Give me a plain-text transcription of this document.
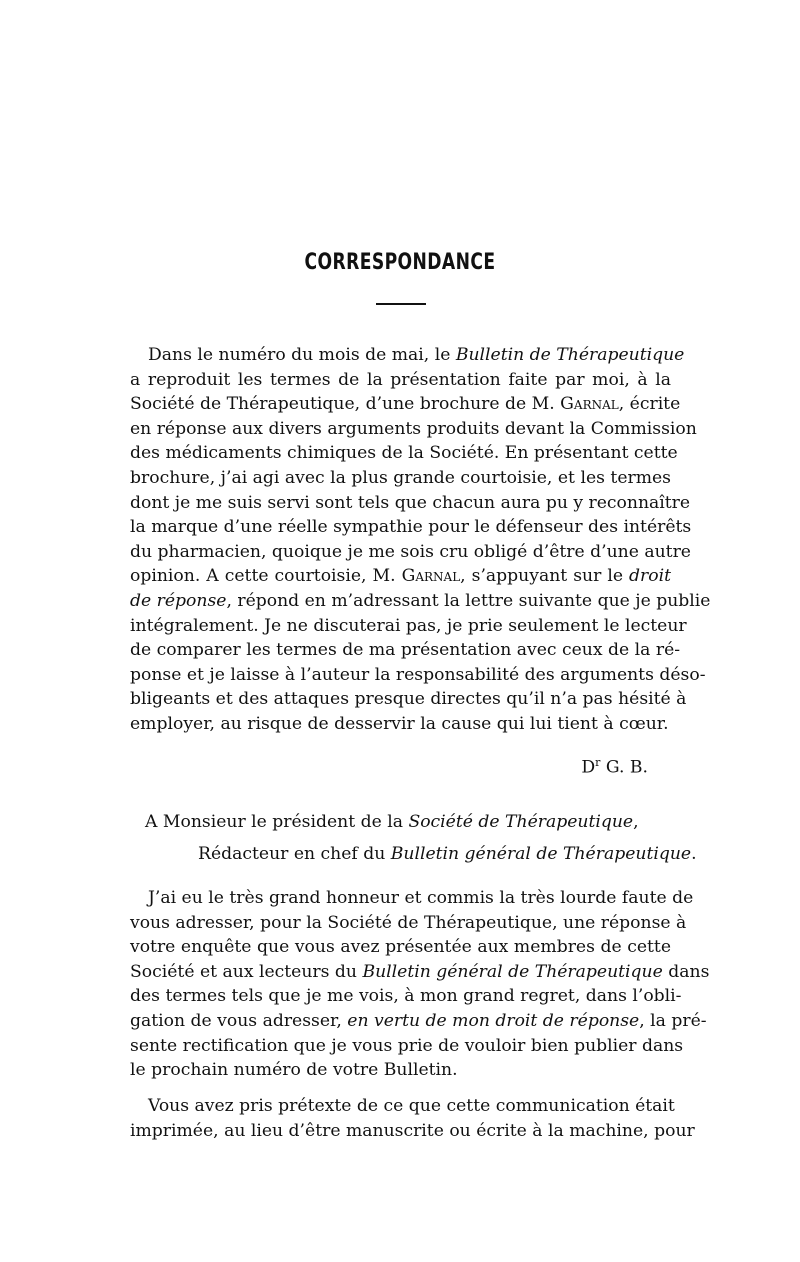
CORRESPONDANCE
Dans le numéro du mois de mai, le Bulletin de Thérapeutique
a reproduit les termes de la présentation faite par moi, à la
Société de Thérapeutique, d’une brochure de M. Garnal, écrite
en réponse aux divers arguments produits devant la Commission
des médicaments chimiques de la Société. En présentant cette
brochure, j’ai agi avec la plus grande courtoisie, et les termes
dont je me suis servi sont tels que chacun aura pu y reconnaître
la marque d’une réelle sympathie pour le défenseur des intérêts
du pharmacien, quoique je me sois cru obligé d’être d’une autre
opinion. A cette courtoisie, M. Garnal, s’appuyant sur le droit
de réponse, répond en m’adressant la lettre suivante que je publie
intégralement. Je ne discuterai pas, je prie seulement le lecteur
de comparer les termes de ma présentation avec ceux de la ré-
ponse et je laisse à l’auteur la responsabilité des arguments déso-
bligeants et des attaques presque directes qu’il n’a pas hésité à
employer, au risque de desservir la cause qui lui tient à cœur.
$D^r$ G. B.
A Monsieur le président de la Société de Thérapeutique,
Rédacteur en chef du Bulletin général de Thérapeutique.
J’ai eu le très grand honneur et commis la très lourde faute de
vous adresser, pour la Société de Thérapeutique, une réponse à
votre enquête que vous avez présentée aux membres de cette
Société et aux lecteurs du Bulletin général de Thérapeutique dans
des termes tels que je me vois, à mon grand regret, dans l’obli-
gation de vous adresser, en vertu de mon droit de réponse, la pré-
sente rectification que je vous prie de vouloir bien publier dans
le prochain numéro de votre Bulletin.
Vous avez pris prétexte de ce que cette communication était
imprimée, au lieu d’être manuscrite ou écrite à la machine, pour
